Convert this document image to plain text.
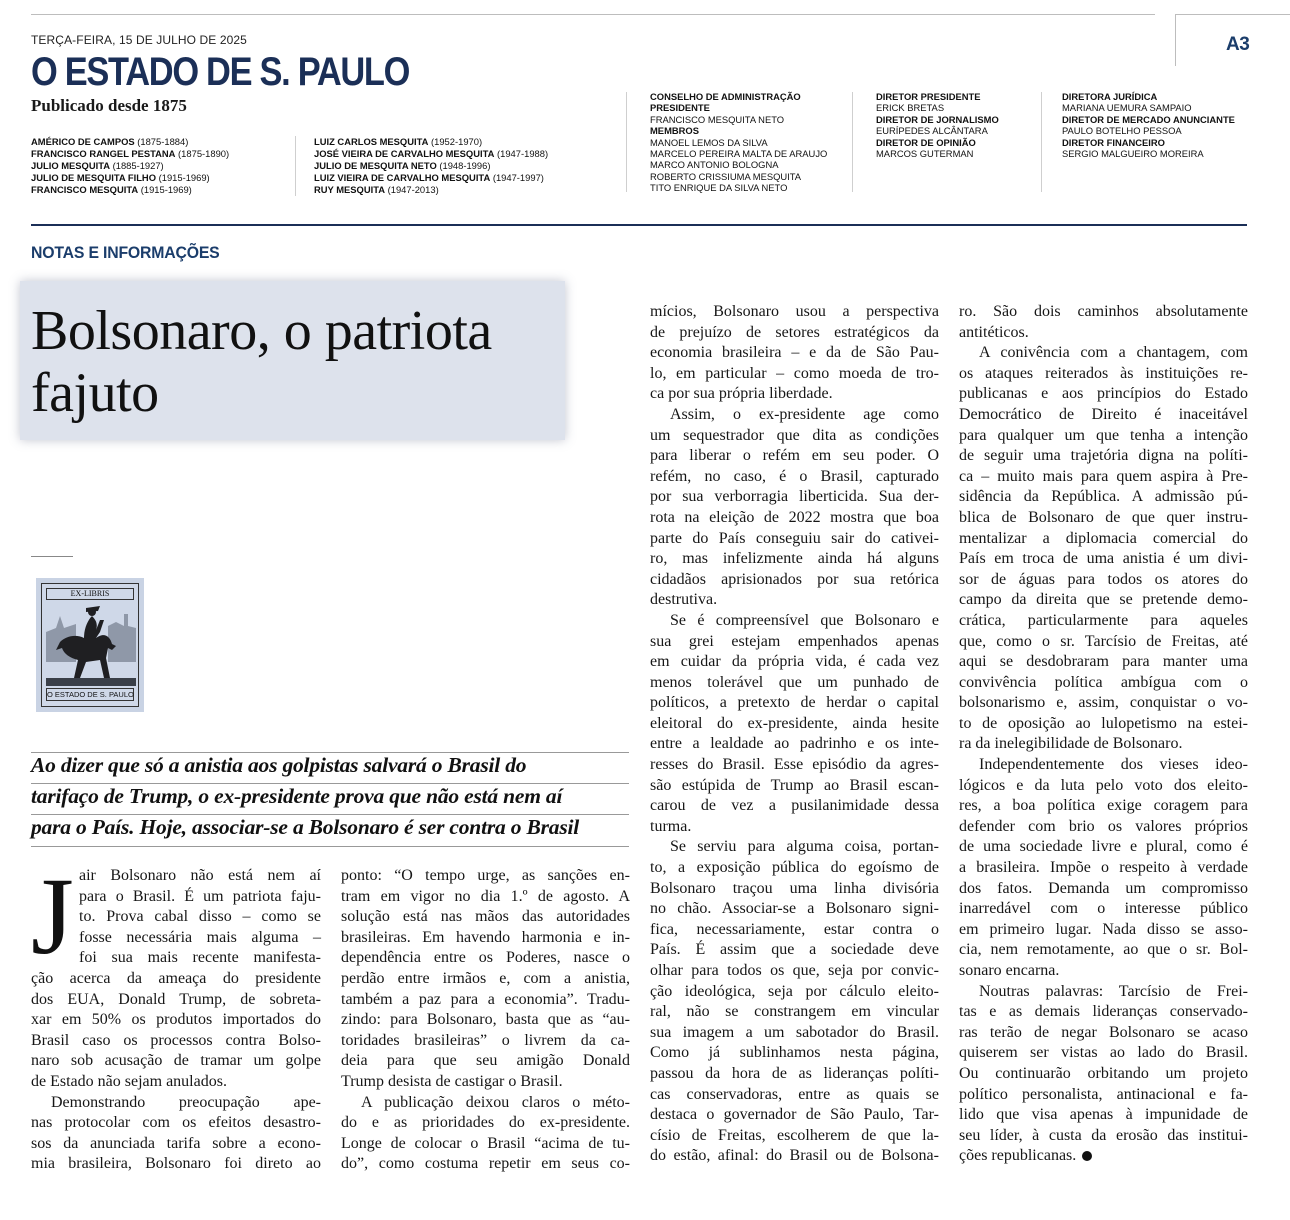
A3
TERÇA-FEIRA, 15 DE JULHO DE 2025
O ESTADO DE S. PAULO
Publicado desde 1875
AMÉRICO DE CAMPOS (1875-1884)
FRANCISCO RANGEL PESTANA (1875-1890)
JULIO MESQUITA (1885-1927)
JULIO DE MESQUITA FILHO (1915-1969)
FRANCISCO MESQUITA (1915-1969)
LUIZ CARLOS MESQUITA (1952-1970)
JOSÉ VIEIRA DE CARVALHO MESQUITA (1947-1988)
JULIO DE MESQUITA NETO (1948-1996)
LUIZ VIEIRA DE CARVALHO MESQUITA (1947-1997)
RUY MESQUITA (1947-2013)
CONSELHO DE ADMINISTRAÇÃO
PRESIDENTE
FRANCISCO MESQUITA NETO
MEMBROS
MANOEL LEMOS DA SILVA
MARCELO PEREIRA MALTA DE ARAUJO
MARCO ANTONIO BOLOGNA
ROBERTO CRISSIUMA MESQUITA
TITO ENRIQUE DA SILVA NETO
DIRETOR PRESIDENTE
ERICK BRETAS
DIRETOR DE JORNALISMO
EURÍPEDES ALCÂNTARA
DIRETOR DE OPINIÃO
MARCOS GUTERMAN
DIRETORA JURÍDICA
MARIANA UEMURA SAMPAIO
DIRETOR DE MERCADO ANUNCIANTE
PAULO BOTELHO PESSOA
DIRETOR FINANCEIRO
SERGIO MALGUEIRO MOREIRA
NOTAS E INFORMAÇÕES
Bolsonaro, o patriota
fajuto
EX-LIBRIS
O ESTADO DE S. PAULO
Ao dizer que só a anistia aos golpistas salvará o Brasil do
tarifaço de Trump, o ex-presidente prova que não está nem aí
para o País. Hoje, associar-se a Bolsonaro é ser contra o Brasil
J air Bolsonaro não está nem aí
para o Brasil. É um patriota faju-
to. Prova cabal disso – como se
fosse necessária mais alguma –
foi sua mais recente manifesta-
ção acerca da ameaça do presidente
dos EUA, Donald Trump, de sobreta-
xar em 50% os produtos importados do
Brasil caso os processos contra Bolso-
naro sob acusação de tramar um golpe
de Estado não sejam anulados.
Demonstrando preocupação ape-
nas protocolar com os efeitos desastro-
sos da anunciada tarifa sobre a econo-
mia brasileira, Bolsonaro foi direto ao
ponto: “O tempo urge, as sanções en-
tram em vigor no dia 1.º de agosto. A
solução está nas mãos das autoridades
brasileiras. Em havendo harmonia e in-
dependência entre os Poderes, nasce o
perdão entre irmãos e, com a anistia,
também a paz para a economia”. Tradu-
zindo: para Bolsonaro, basta que as “au-
toridades brasileiras” o livrem da ca-
deia para que seu amigão Donald
Trump desista de castigar o Brasil.
A publicação deixou claros o méto-
do e as prioridades do ex-presidente.
Longe de colocar o Brasil “acima de tu-
do”, como costuma repetir em seus co-
mícios, Bolsonaro usou a perspectiva
de prejuízo de setores estratégicos da
economia brasileira – e da de São Pau-
lo, em particular – como moeda de tro-
ca por sua própria liberdade.
Assim, o ex-presidente age como
um sequestrador que dita as condições
para liberar o refém em seu poder. O
refém, no caso, é o Brasil, capturado
por sua verborragia liberticida. Sua der-
rota na eleição de 2022 mostra que boa
parte do País conseguiu sair do cativei-
ro, mas infelizmente ainda há alguns
cidadãos aprisionados por sua retórica
destrutiva.
Se é compreensível que Bolsonaro e
sua grei estejam empenhados apenas
em cuidar da própria vida, é cada vez
menos tolerável que um punhado de
políticos, a pretexto de herdar o capital
eleitoral do ex-presidente, ainda hesite
entre a lealdade ao padrinho e os inte-
resses do Brasil. Esse episódio da agres-
são estúpida de Trump ao Brasil escan-
carou de vez a pusilanimidade dessa
turma.
Se serviu para alguma coisa, portan-
to, a exposição pública do egoísmo de
Bolsonaro traçou uma linha divisória
no chão. Associar-se a Bolsonaro signi-
fica, necessariamente, estar contra o
País. É assim que a sociedade deve
olhar para todos os que, seja por convic-
ção ideológica, seja por cálculo eleito-
ral, não se constrangem em vincular
sua imagem a um sabotador do Brasil.
Como já sublinhamos nesta página,
passou da hora de as lideranças políti-
cas conservadoras, entre as quais se
destaca o governador de São Paulo, Tar-
císio de Freitas, escolherem de que la-
do estão, afinal: do Brasil ou de Bolsona-
ro. São dois caminhos absolutamente
antitéticos.
A conivência com a chantagem, com
os ataques reiterados às instituições re-
publicanas e aos princípios do Estado
Democrático de Direito é inaceitável
para qualquer um que tenha a intenção
de seguir uma trajetória digna na políti-
ca – muito mais para quem aspira à Pre-
sidência da República. A admissão pú-
blica de Bolsonaro de que quer instru-
mentalizar a diplomacia comercial do
País em troca de uma anistia é um divi-
sor de águas para todos os atores do
campo da direita que se pretende demo-
crática, particularmente para aqueles
que, como o sr. Tarcísio de Freitas, até
aqui se desdobraram para manter uma
convivência política ambígua com o
bolsonarismo e, assim, conquistar o vo-
to de oposição ao lulopetismo na estei-
ra da inelegibilidade de Bolsonaro.
Independentemente dos vieses ideo-
lógicos e da luta pelo voto dos eleito-
res, a boa política exige coragem para
defender com brio os valores próprios
de uma sociedade livre e plural, como é
a brasileira. Impõe o respeito à verdade
dos fatos. Demanda um compromisso
inarredável com o interesse público
em primeiro lugar. Nada disso se asso-
cia, nem remotamente, ao que o sr. Bol-
sonaro encarna.
Noutras palavras: Tarcísio de Frei-
tas e as demais lideranças conservado-
ras terão de negar Bolsonaro se acaso
quiserem ser vistas ao lado do Brasil.
Ou continuarão orbitando um projeto
político personalista, antinacional e fa-
lido que visa apenas à impunidade de
seu líder, à custa da erosão das institui-
ções republicanas.
